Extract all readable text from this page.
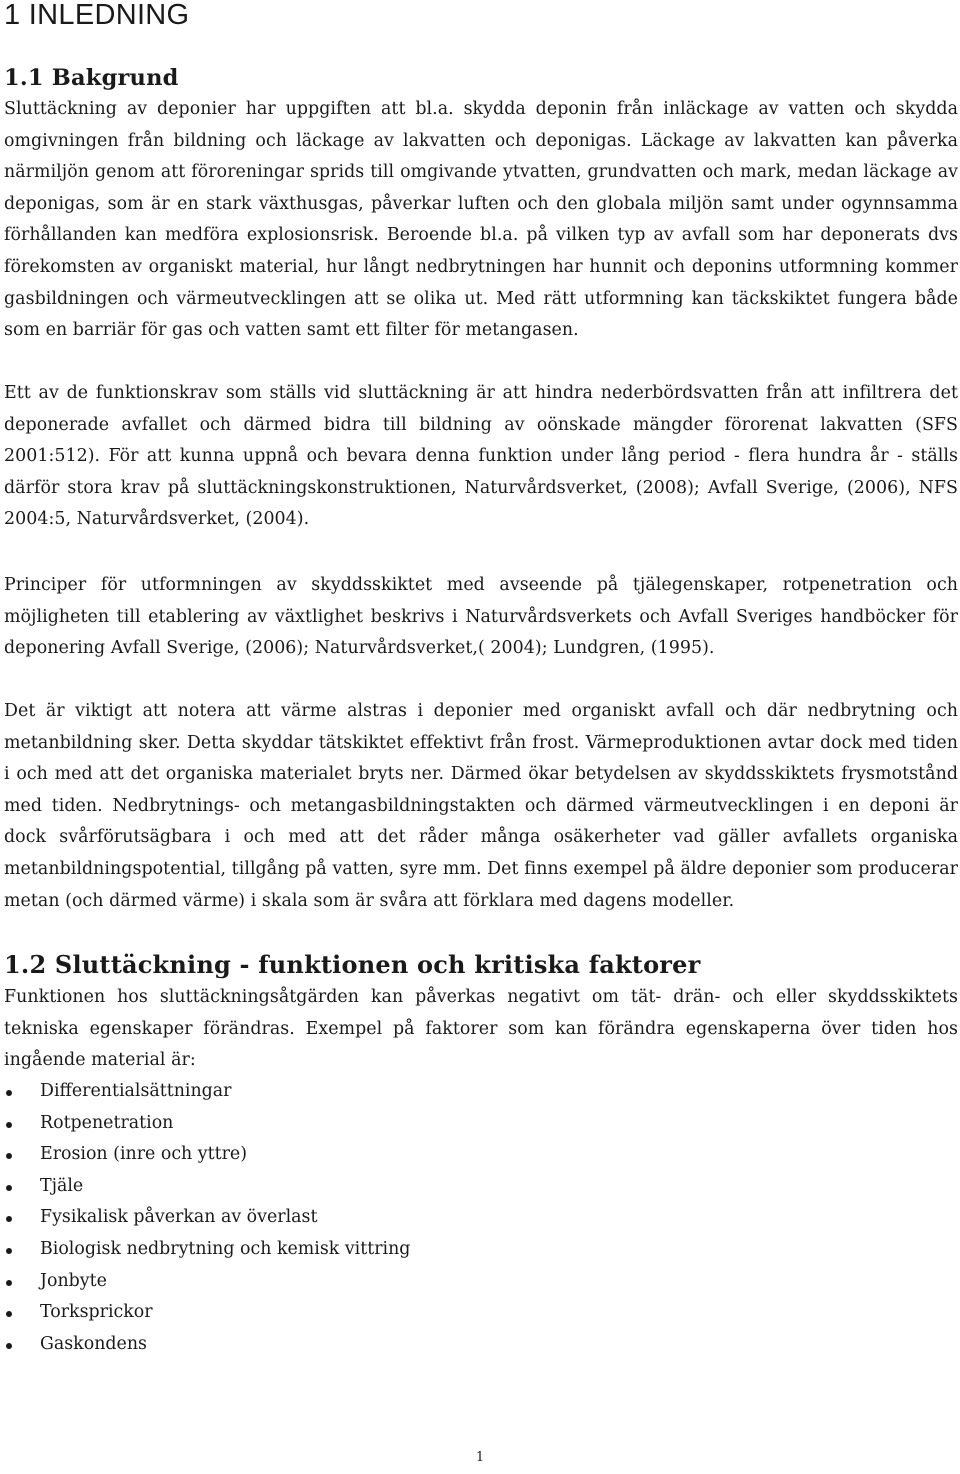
1 INLEDNING
1.1 Bakgrund

Sluttäckning av deponier har uppgiften att bl.a. skydda deponin från inläckage av vatten och skydda omgivningen från bildning och läckage av lakvatten och deponigas. Läckage av lakvatten kan påverka närmiljön genom att föroreningar sprids till omgivande ytvatten, grundvatten och mark, medan läckage av deponigas, som är en stark växthusgas, påverkar luften och den globala miljön samt under ogynnsamma förhållanden kan medföra explosionsrisk. Beroende bl.a. på vilken typ av avfall som har deponerats dvs förekomsten av organiskt material, hur långt nedbrytningen har hunnit och deponins utformning kommer gasbildningen och värmeutvecklingen att se olika ut. Med rätt utformning kan täckskiktet fungera både som en barriär för gas och vatten samt ett filter för metangasen.

Ett av de funktionskrav som ställs vid sluttäckning är att hindra nederbördsvatten från att infiltrera det deponerade avfallet och därmed bidra till bildning av oönskade mängder förorenat lakvatten (SFS 2001:512). För att kunna uppnå och bevara denna funktion under lång period - flera hundra år - ställs därför stora krav på sluttäckningskonstruktionen, Naturvårdsverket, (2008); Avfall Sverige, (2006), NFS 2004:5, Naturvårdsverket, (2004).

Principer för utformningen av skyddsskiktet med avseende på tjälegenskaper, rotpenetration och möjligheten till etablering av växtlighet beskrivs i Naturvårdsverkets och Avfall Sveriges handböcker för deponering Avfall Sverige, (2006); Naturvårdsverket,( 2004); Lundgren, (1995).

Det är viktigt att notera att värme alstras i deponier med organiskt avfall och där nedbrytning och metanbildning sker. Detta skyddar tätskiktet effektivt från frost. Värmeproduktionen avtar dock med tiden i och med att det organiska materialet bryts ner. Därmed ökar betydelsen av skyddsskiktets frysmotstånd med tiden. Nedbrytnings- och metangasbildningstakten och därmed värmeutvecklingen i en deponi är dock svårförutsägbara i och med att det råder många osäkerheter vad gäller avfallets organiska metanbildningspotential, tillgång på vatten, syre mm. Det finns exempel på äldre deponier som producerar metan (och därmed värme) i skala som är svåra att förklara med dagens modeller.

1.2 Sluttäckning - funktionen och kritiska faktorer

Funktionen hos sluttäckningsåtgärden kan påverkas negativt om tät- drän- och eller skyddsskiktets tekniska egenskaper förändras. Exempel på faktorer som kan förändra egenskaperna över tiden hos ingående material är:

Differentialsättningar
Rotpenetration
Erosion (inre och yttre)
Tjäle
Fysikalisk påverkan av överlast
Biologisk nedbrytning och kemisk vittring
Jonbyte
Torksprickor
Gaskondens
1
